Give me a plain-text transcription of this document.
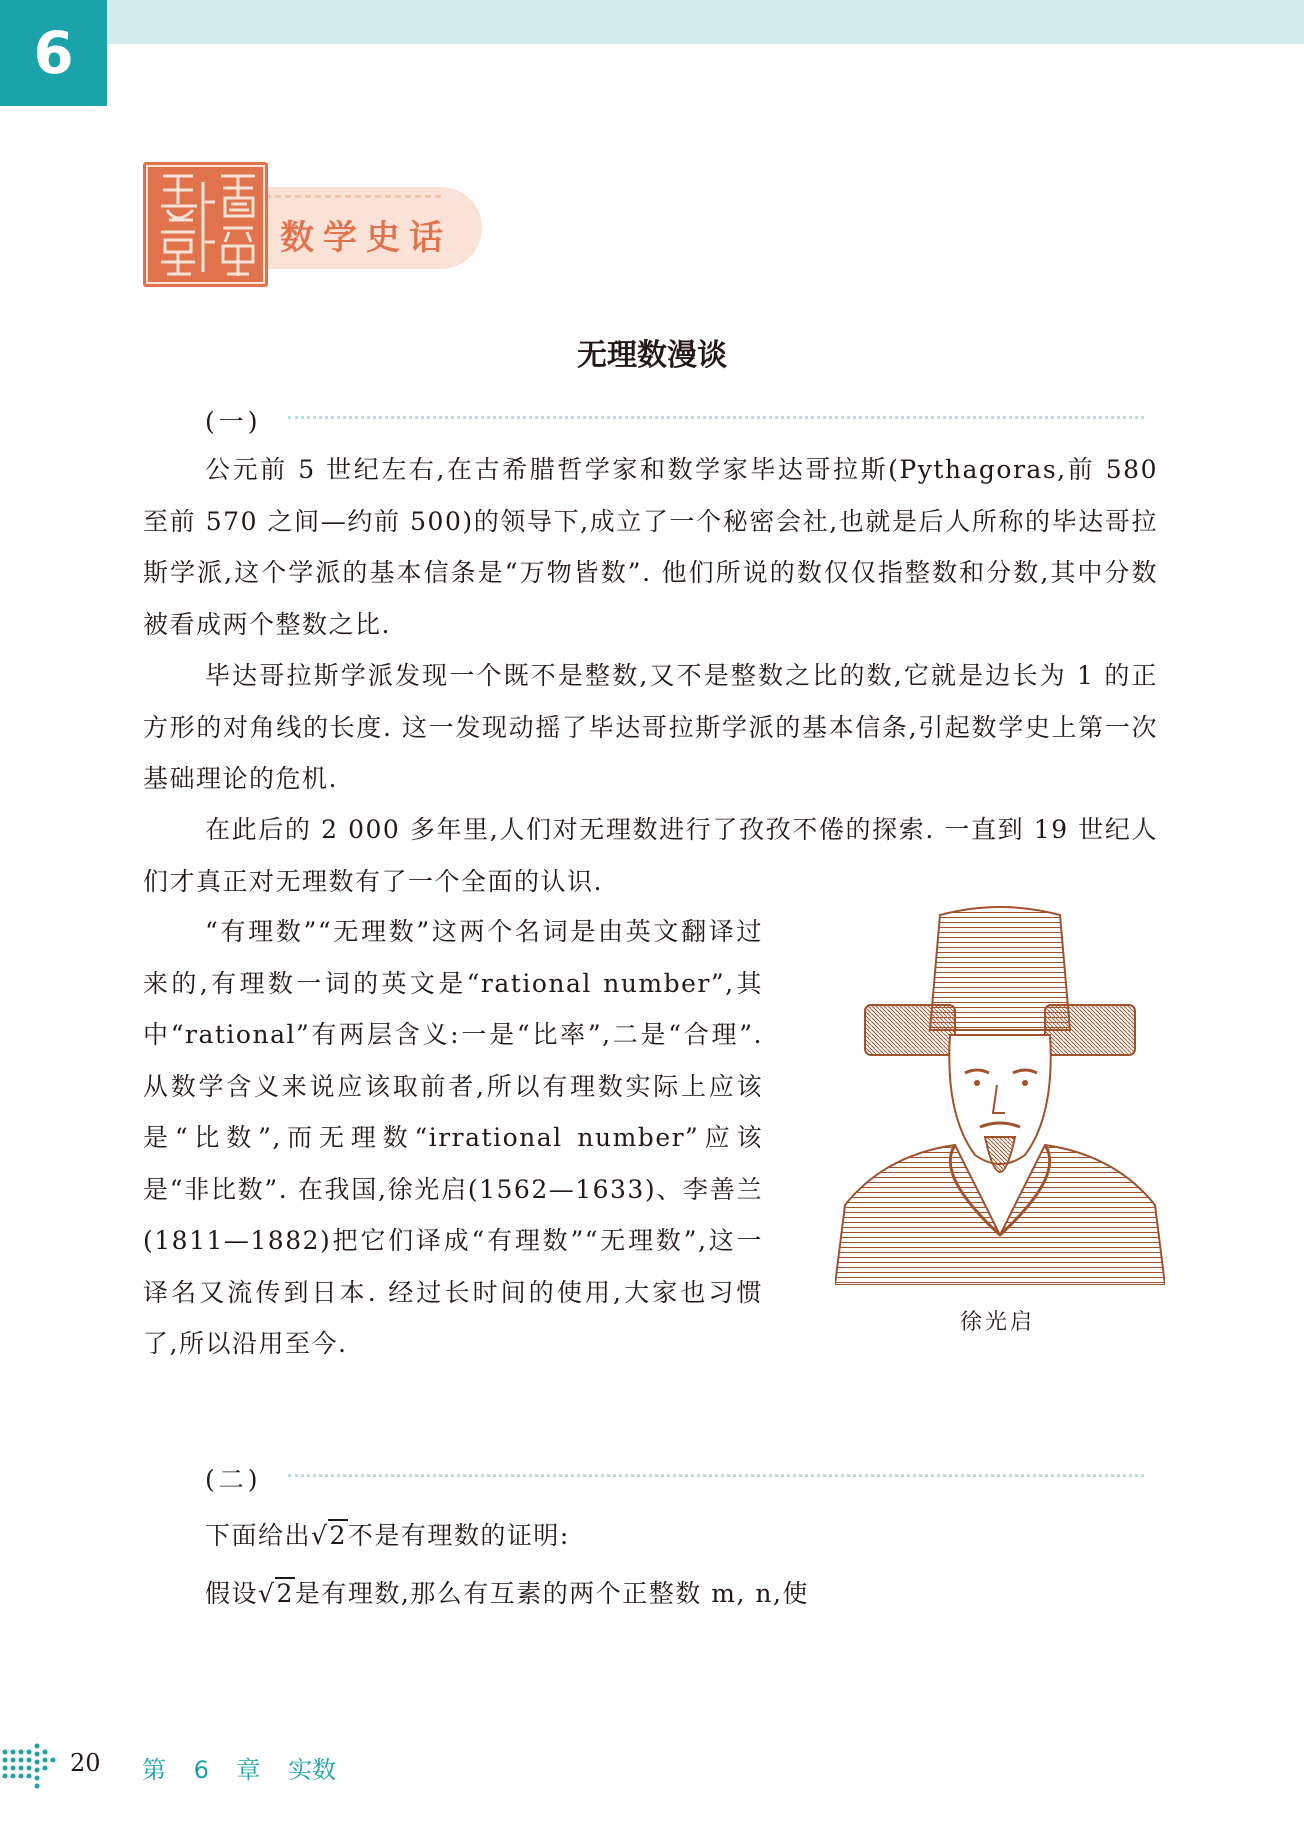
6
数学史话
无理数漫谈
(一)

公元前 5 世纪左右,在古希腊哲学家和数学家毕达哥拉斯(Pythagoras,前 580 至前 570 之间—约前 500)的领导下,成立了一个秘密会社,也就是后人所称的毕达哥拉斯学派,这个学派的基本信条是“万物皆数”. 他们所说的数仅仅指整数和分数,其中分数被看成两个整数之比.

毕达哥拉斯学派发现一个既不是整数,又不是整数之比的数,它就是边长为 1 的正方形的对角线的长度. 这一发现动摇了毕达哥拉斯学派的基本信条,引起数学史上第一次基础理论的危机.

在此后的 2 000 多年里,人们对无理数进行了孜孜不倦的探索. 一直到 19 世纪人们才真正对无理数有了一个全面的认识.

“有理数”“无理数”这两个名词是由英文翻译过来的,有理数一词的英文是“rational number”,其中“rational”有两层含义:一是“比率”,二是“合理”. 从数学含义来说应该取前者,所以有理数实际上应该是“比数”,而无理数“irrational number”应该是“非比数”. 在我国,徐光启(1562—1633)、李善兰(1811—1882)把它们译成“有理数”“无理数”,这一译名又流传到日本. 经过长时间的使用,大家也习惯了,所以沿用至今.

徐光启
(二)

下面给出√2不是有理数的证明:

假设√2是有理数,那么有互素的两个正整数 m, n,使

20 第 6 章 实数
